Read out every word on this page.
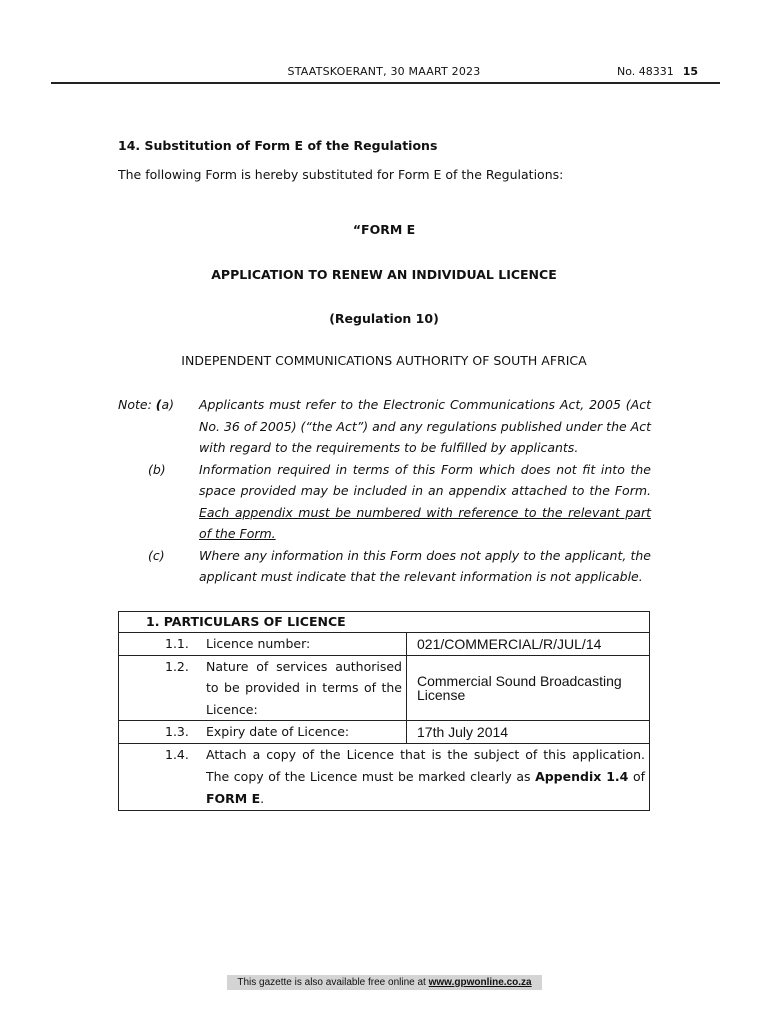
STAATSKOERANT, 30 MAART 2023	No. 48331 15
14. Substitution of Form E of the Regulations
The following Form is hereby substituted for Form E of the Regulations:
“FORM E
APPLICATION TO RENEW AN INDIVIDUAL LICENCE
(Regulation 10)
INDEPENDENT COMMUNICATIONS AUTHORITY OF SOUTH AFRICA
Note: (a) Applicants must refer to the Electronic Communications Act, 2005 (Act No. 36 of 2005) (“the Act”) and any regulations published under the Act with regard to the requirements to be fulfilled by applicants.
(b)	Information required in terms of this Form which does not fit into the space provided may be included in an appendix attached to the Form. Each appendix must be numbered with reference to the relevant part of the Form.
(c)	Where any information in this Form does not apply to the applicant, the applicant must indicate that the relevant information is not applicable.
1. PARTICULARS OF LICENCE	

1.1. Licence number:	021/COMMERCIAL/R/JUL/14

1.2. Nature of services authorised to be provided in terms of the Licence:	Commercial Sound Broadcasting License

1.3. Expiry date of Licence:	17th July 2014

1.4. Attach a copy of the Licence that is the subject of this application. The copy of the Licence must be marked clearly as Appendix 1.4 of FORM E.	
This gazette is also available free online at www.gpwonline.co.za
